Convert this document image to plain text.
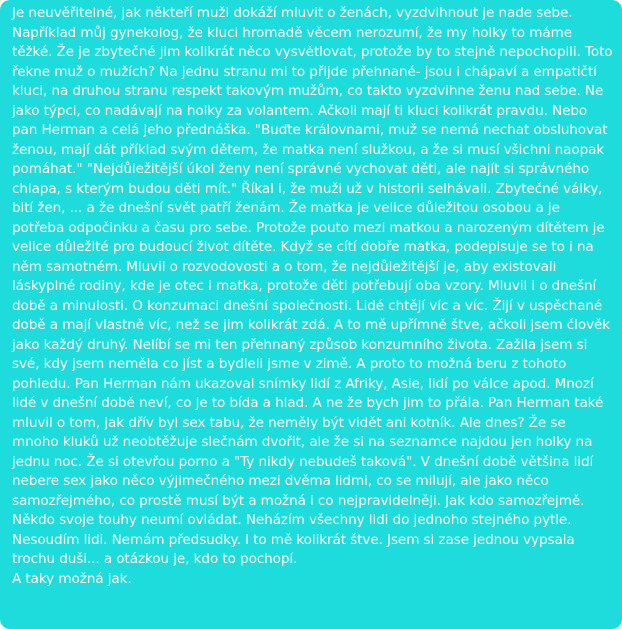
Je neuvěřitelné, jak někteří muži dokáží mluvit o ženách, vyzdvihnout je nade sebe. Například můj gynekolog, že kluci hromadě věcem nerozumí, že my holky to máme těžké. Že je zbytečné jim kolikrát něco vysvětlovat, protože by to stejně nepochopili. Toto řekne muž o mužích? Na jednu stranu mi to přijde přehnané- jsou i chápaví a empatičtí kluci, na druhou stranu respekt takovým mužům, co takto vyzdvihne ženu nad sebe. Ne jako týpci, co nadávají na holky za volantem. Ačkoli mají ti kluci kolikrát pravdu. Nebo pan Herman a celá jeho přednáška. "Buďte královnami, muž se nemá nechat obsluhovat ženou, mají dát příklad svým dětem, že matka není služkou, a že si musí všichni naopak pomáhat." "Nejdůležitější úkol ženy není správné vychovat děti, ale najít si správného chlapa, s kterým budou děti mít." Říkal i, že muži už v historii selhávali. Zbytečné války, bití žen, ... a že dnešní svět patří ženám. Že matka je velice důležitou osobou a je potřeba odpočinku a času pro sebe. Protože pouto mezi matkou a narozeným dítětem je velice důležité pro budoucí život dítěte. Když se cítí dobře matka, podepisuje se to i na něm samotném. Mluvil o rozvodovosti a o tom, že nejdůležitější je, aby existovali láskyplné rodiny, kde je otec i matka, protože děti potřebují oba vzory. Mluvil i o dnešní době a minulosti. O konzumaci dnešní společnosti. Lidé chtějí víc a víc. Žijí v uspěchané době a mají vlastně víc, než se jim kolikrát zdá. A to mě upřímně štve, ačkoli jsem člověk jako každý druhý. Nelíbí se mi ten přehnaný způsob konzumního života. Zažila jsem si své, kdy jsem neměla co jíst a bydleli jsme v zimě. A proto to možná beru z tohoto pohledu. Pan Herman nám ukazoval snímky lidí z Afriky, Asie, lidí po válce apod. Mnozí lidé v dnešní době neví, co je to bída a hlad. A ne že bych jim to přála. Pan Herman také mluvil o tom, jak dřív byl sex tabu, že neměly být vidět ani kotník. Ale dnes? Že se mnoho kluků už neobtěžuje slečnám dvořit, ale že si na seznamce najdou jen holky na jednu noc. Že si otevřou porno a "Ty nikdy nebudeš taková". V dnešní době většina lidí nebere sex jako něco výjimečného mezi dvěma lidmi, co se milují, ale jako něco samozřejmého, co prostě musí být a možná i co nejpravidelněji. Jak kdo samozřejmě. Někdo svoje touhy neumí ovládat. Neházím všechny lidi do jednoho stejného pytle. Nesoudím lidi. Nemám předsudky. I to mě kolikrát štve. Jsem si zase jednou vypsala trochu duši... a otázkou je, kdo to pochopí.
A taky možná jak.
